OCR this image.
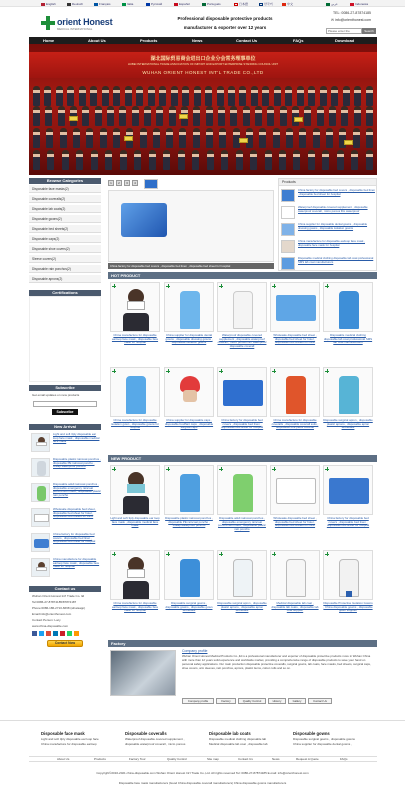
English	Deutsch	Français	Italia	Pусский	Español	Português	日本語	한국어	中文	عربي	Indonesia
orient Honest
MEDICAL INTERNATIONAL
Professional disposable protective products
manufacturer & exporter over 12 years
TEL: 0086-27-87874185
✉ info@orienthonest.com
Please enter the	Search
Home	About Us	Products	News	Contact Us	FAQs	Download
湖北国际贸易商会进出口企业分会常务理事单位
HUBEI INTERNATIONAL TRADE ASSOCIATION OF IMPORT AND EXPORT ENTERPRISE STANDING COUNCIL UNIT
WUHAN ORIENT HONEST INT'L TRADE CO.,LTD
Browse Categories
Disposable face masks(2)
Disposable coveralls(2)
Disposable lab coats(2)
Disposable gowns(2)
Disposable bed sheets(2)
Disposable caps(2)
Disposable shoe covers(2)
Sleeve covers(2)
Disposable rain ponchos(2)
Disposable aprons(2)
Certifications
Subscribe
Get email updates on new products
Subscribe
New Arrival
Light and soft 3ply disposable ear loop face mask , disposable medical face mask
Disposable plastic raincoat ponchos , disposable PE raincoat poncho , cheap waterproof poncho
Disposable adult raincoat ponchos , disposable emergency raincoat poncho with hood , disposable plastic rain poncho
Wholesale disposable bed sheet , disposable bed sheet for hotel , disposable bed sheets for clinic
China factory for disposable bed covers , disposable bed linen , disposable bed sheet for hospital
China manufacture for disposable earloop face mask , disposable face mask for hospital
Contact us
Wuhan Orient Honest Int'l Trade Co. ltd
Tel:0086-27-87874185/87874187
Phone:0086-186-2710-6668 (whatsapp)
Email:info@orienthonest.com
Contact Person: Lucy
www.china-disposable.com
Contact Now
1	2	3	4
China factory for disposable bed covers , disposable bed linen , disposable bed sheet for hospital
Products
China factory for disposable bed covers , disposable bed linen , disposable bed sheet for hospital
Waterproof disposable covered supplement , disposable waterproof coverall , micro porous film waterproof
China supplier for disposable dental gowns , disposable dressing gowns , disposable isolation gowns
China manufacture for disposable earloop face mask , disposable face mask for hospital
Disposable medical clothing disposable lab coat professional SMS lab coat manufacturers
HOT PRODUCT
China manufacture for disposable earloop face mask , disposable face mask for hospital
China supplier for disposable dental gowns , disposable dressing gowns , disposable isolation gowns
Waterproof disposable covered supplement , disposable waterproof coverall , micro porous film waterproof disposable coverall
Wholesale disposable bed sheet , disposable bed sheet for hotel , disposable bed sheets for clinic
Disposable medical clothing disposable lab coat professional SMS lab coat manufacturers
China manufacture for disposable isolation gown , disposable gowns for hospital
China supplier for disposable caps , disposable bouffant caps , disposable surgical caps
China factory for disposable bed covers , disposable bed linen , disposable bed sheet for hospital
China manufacture for disposable coveralls , disposable coverall suits , disposable one piece coverall
Disposable surgical apron , disposable plastic aprons , disposable apron wholesale
NEW PRODUCT
Light and soft 3ply disposable ear loop face mask , disposable medical face mask
Disposable plastic raincoat ponchos , disposable PE raincoat poncho , cheap waterproof poncho
Disposable adult raincoat ponchos , disposable emergency raincoat poncho with hood , disposable plastic rain poncho
Wholesale disposable bed sheet , disposable bed sheet for hotel , disposable bed sheets for clinic
China factory for disposable bed covers , disposable bed linen , disposable bed sheet for hospital
China manufacture for disposable earloop face mask , disposable face mask for hospital
Disposable surgical gowns , disposable gowns , disposable gown wholesale
Disposable surgical apron , disposable plastic aprons , disposable apron wholesale
Medical disposable lab coat , disposable lab coats , disposable lab coat supplier
Disposable Protective Isolation Gowns , China disposable gowns , disposable gown supplier
Factory
Company profile
Wuhan Orient Honest Medical Products Co.,ltd is a professional manufacturer and exporter of disposable protective products more in Wuhan China with more than 12 years solid experience and worldwide market, providing a comprehensive range of disposable products to save your hand on personal safety applications. Our main production disposable protective coveralls, surgical gowns, lab coats, face masks, bed sheets, surgical caps, shoe covers, arm sleeves, rain ponchos, aprons, plastic items, cotton rolls and so on.
Company profile	Factory	Quality Control	History	Gallery	Contact Us
Disposable face mask
Light and soft 3ply disposable ear loop face
China manufacture for disposable earloop
Disposable coveralls
Waterproof disposable covered supplement ,
disposable waterproof coverall , micro porous
Disposable lab coats
Disposable medical clothing disposable lab
Medical disposable lab coat , disposable lab
Disposable gowns
Disposable surgical gowns , disposable gowns
China supplier for disposable dental gowns ,
About Us	Products	Factory Tour	Quality Control	Site map	Contact Us	News	Request A Quote	FAQs
Copyright©2016-2021 china-disposable.com Wuhan Orient Honest Int'l Trade Co.,Ltd. All rights reserved Tel: 0086-27-87874185 E-mail: info@orienthonest.com
Disposable face mask manufacturers |Good China disposable coverall manufacturers| China disposable gowns manufacturers
